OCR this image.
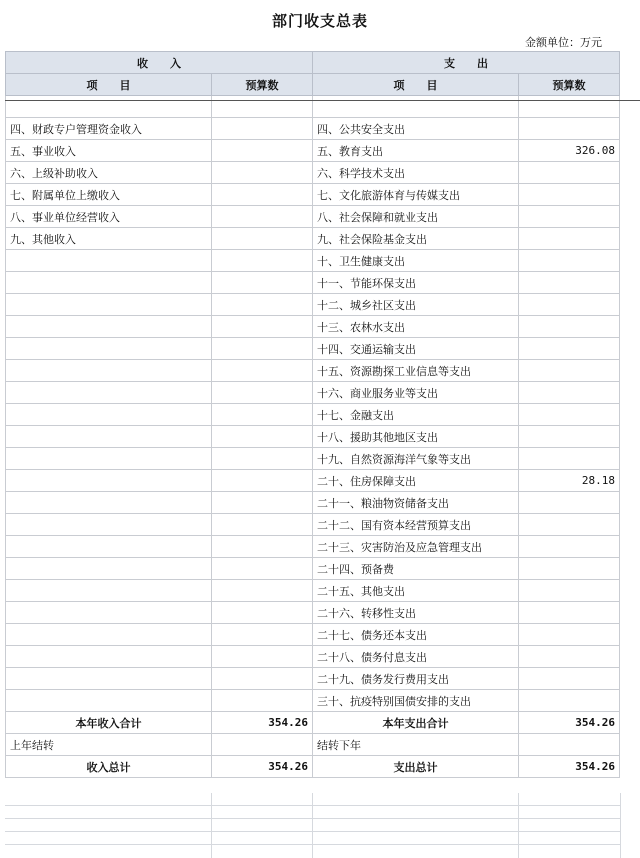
部门收支总表
金额单位：万元
收　　入		支　　出	
项　　目	预算数	项　　目	预算数

四、财政专户管理资金收入		四、公共安全支出	
五、事业收入		五、教育支出	326.08
六、上级补助收入		六、科学技术支出	
七、附属单位上缴收入		七、文化旅游体育与传媒支出	
八、事业单位经营收入		八、社会保障和就业支出	
九、其他收入		九、社会保险基金支出	
		十、卫生健康支出	
		十一、节能环保支出	
		十二、城乡社区支出	
		十三、农林水支出	
		十四、交通运输支出	
		十五、资源勘探工业信息等支出	
		十六、商业服务业等支出	
		十七、金融支出	
		十八、援助其他地区支出	
		十九、自然资源海洋气象等支出	
		二十、住房保障支出	28.18
		二十一、粮油物资储备支出	
		二十二、国有资本经营预算支出	
		二十三、灾害防治及应急管理支出	
		二十四、预备费	
		二十五、其他支出	
		二十六、转移性支出	
		二十七、债务还本支出	
		二十八、债务付息支出	
		二十九、债务发行费用支出	
		三十、抗疫特别国债安排的支出	
本年收入合计	354.26	本年支出合计	354.26
上年结转		结转下年	
收入总计	354.26	支出总计	354.26
